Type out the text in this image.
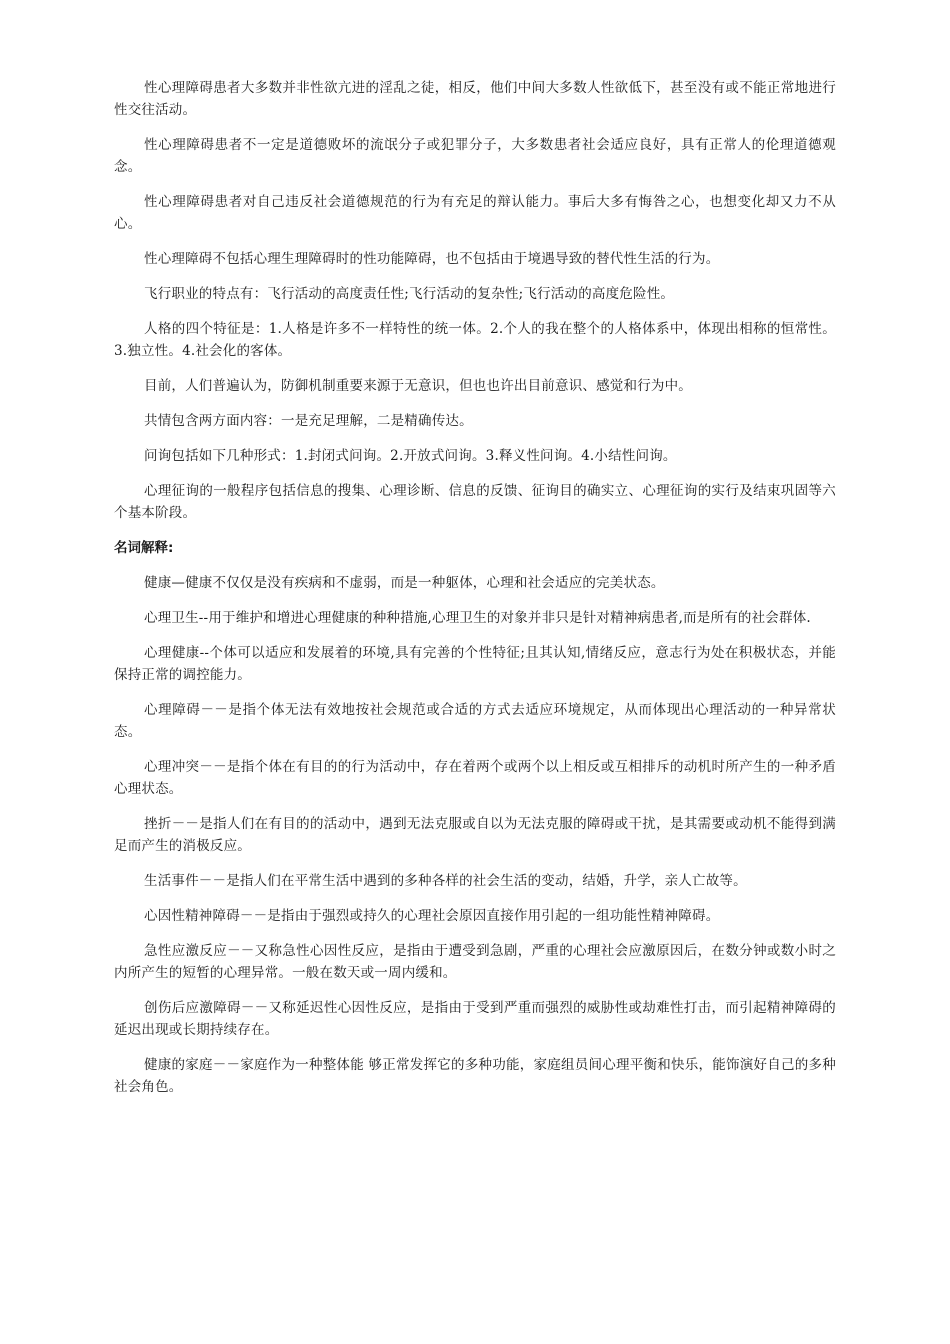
性心理障碍患者大多数并非性欲亢进的淫乱之徒，相反，他们中间大多数人性欲低下，甚至没有或不能正常地进行性交往活动。

性心理障碍患者不一定是道德败坏的流氓分子或犯罪分子，大多数患者社会适应良好，具有正常人的伦理道德观念。

性心理障碍患者对自己违反社会道德规范的行为有充足的辩认能力。事后大多有悔咎之心，也想变化却又力不从心。

性心理障碍不包括心理生理障碍时的性功能障碍，也不包括由于境遇导致的替代性生活的行为。

飞行职业的特点有：飞行活动的高度责任性;飞行活动的复杂性;飞行活动的高度危险性。

人格的四个特征是：1.人格是许多不一样特性的统一体。2.个人的我在整个的人格体系中，体现出相称的恒常性。3.独立性。4.社会化的客体。

目前，人们普遍认为，防御机制重要来源于无意识，但也也许出目前意识、感觉和行为中。

共情包含两方面内容：一是充足理解，二是精确传达。

问询包括如下几种形式：1.封闭式问询。2.开放式问询。3.释义性问询。4.小结性问询。

心理征询的一般程序包括信息的搜集、心理诊断、信息的反馈、征询目的确实立、心理征询的实行及结束巩固等六个基本阶段。

名词解释:

健康—健康不仅仅是没有疾病和不虚弱，而是一种躯体，心理和社会适应的完美状态。

心理卫生--用于维护和增进心理健康的种种措施,心理卫生的对象并非只是针对精神病患者,而是所有的社会群体.

心理健康--个体可以适应和发展着的环境,具有完善的个性特征;且其认知,情绪反应，意志行为处在积极状态，并能保持正常的调控能力。

心理障碍－－是指个体无法有效地按社会规范或合适的方式去适应环境规定，从而体现出心理活动的一种异常状态。

心理冲突－－是指个体在有目的的行为活动中，存在着两个或两个以上相反或互相排斥的动机时所产生的一种矛盾心理状态。

挫折－－是指人们在有目的的活动中，遇到无法克服或自以为无法克服的障碍或干扰，是其需要或动机不能得到满足而产生的消极反应。

生活事件－－是指人们在平常生活中遇到的多种各样的社会生活的变动，结婚，升学，亲人亡故等。

心因性精神障碍－－是指由于强烈或持久的心理社会原因直接作用引起的一组功能性精神障碍。

急性应激反应－－又称急性心因性反应，是指由于遭受到急剧，严重的心理社会应激原因后，在数分钟或数小时之内所产生的短暂的心理异常。一般在数天或一周内缓和。

创伤后应激障碍－－又称延迟性心因性反应，是指由于受到严重而强烈的威胁性或劫难性打击，而引起精神障碍的延迟出现或长期持续存在。

健康的家庭－－家庭作为一种整体能 够正常发挥它的多种功能，家庭组员间心理平衡和快乐，能饰演好自己的多种社会角色。
